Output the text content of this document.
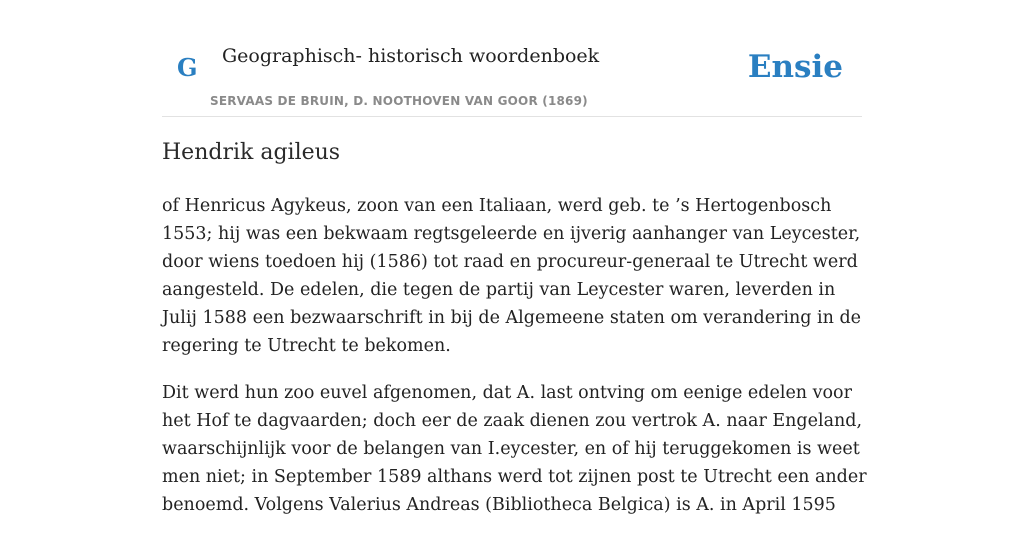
G Geographisch- historisch woordenboek
SERVAAS DE BRUIN, D. NOOTHOVEN VAN GOOR (1869)
Ensie
Hendrik agileus

of Henricus Agykeus, zoon van een Italiaan, werd geb. te ’s Hertogenbosch 1553; hij was een bekwaam regtsgeleerde en ijverig aanhanger van Leycester, door wiens toedoen hij (1586) tot raad en procureur-generaal te Utrecht werd aangesteld. De edelen, die tegen de partij van Leycester waren, leverden in Julij 1588 een bezwaarschrift in bij de Algemeene staten om verandering in de regering te Utrecht te bekomen.

Dit werd hun zoo euvel afgenomen, dat A. last ontving om eenige edelen voor het Hof te dagvaarden; doch eer de zaak dienen zou vertrok A. naar Engeland, waarschijnlijk voor de belangen van I.eycester, en of hij teruggekomen is weet men niet; in September 1589 althans werd tot zijnen post te Utrecht een ander benoemd. Volgens Valerius Andreas (Bibliotheca Belgica) is A. in April 1595
